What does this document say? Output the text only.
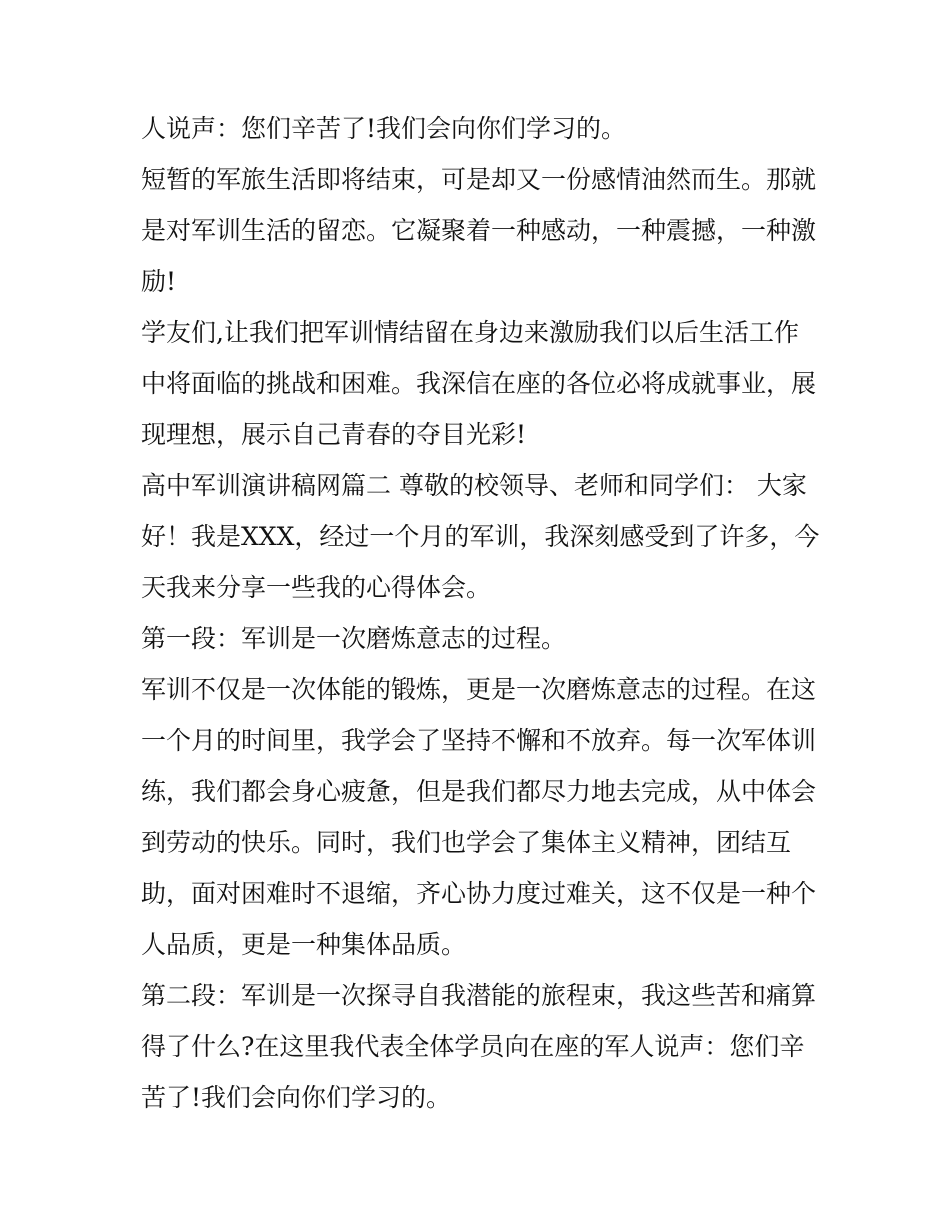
人说声：您们辛苦了!我们会向你们学习的。
短暂的军旅生活即将结束，可是却又一份感情油然而生。那就
是对军训生活的留恋。它凝聚着一种感动，一种震撼，一种激
励!
学友们,让我们把军训情结留在身边来激励我们以后生活工作
中将面临的挑战和困难。我深信在座的各位必将成就事业，展
现理想，展示自己青春的夺目光彩!
高中军训演讲稿网篇二 尊敬的校领导、老师和同学们： 大家
好！我是XXX，经过一个月的军训，我深刻感受到了许多，今
天我来分享一些我的心得体会。
第一段：军训是一次磨炼意志的过程。
军训不仅是一次体能的锻炼，更是一次磨炼意志的过程。在这
一个月的时间里，我学会了坚持不懈和不放弃。每一次军体训
练，我们都会身心疲惫，但是我们都尽力地去完成，从中体会
到劳动的快乐。同时，我们也学会了集体主义精神，团结互
助，面对困难时不退缩，齐心协力度过难关，这不仅是一种个
人品质，更是一种集体品质。
第二段：军训是一次探寻自我潜能的旅程束，我这些苦和痛算
得了什么?在这里我代表全体学员向在座的军人说声：您们辛
苦了!我们会向你们学习的。
